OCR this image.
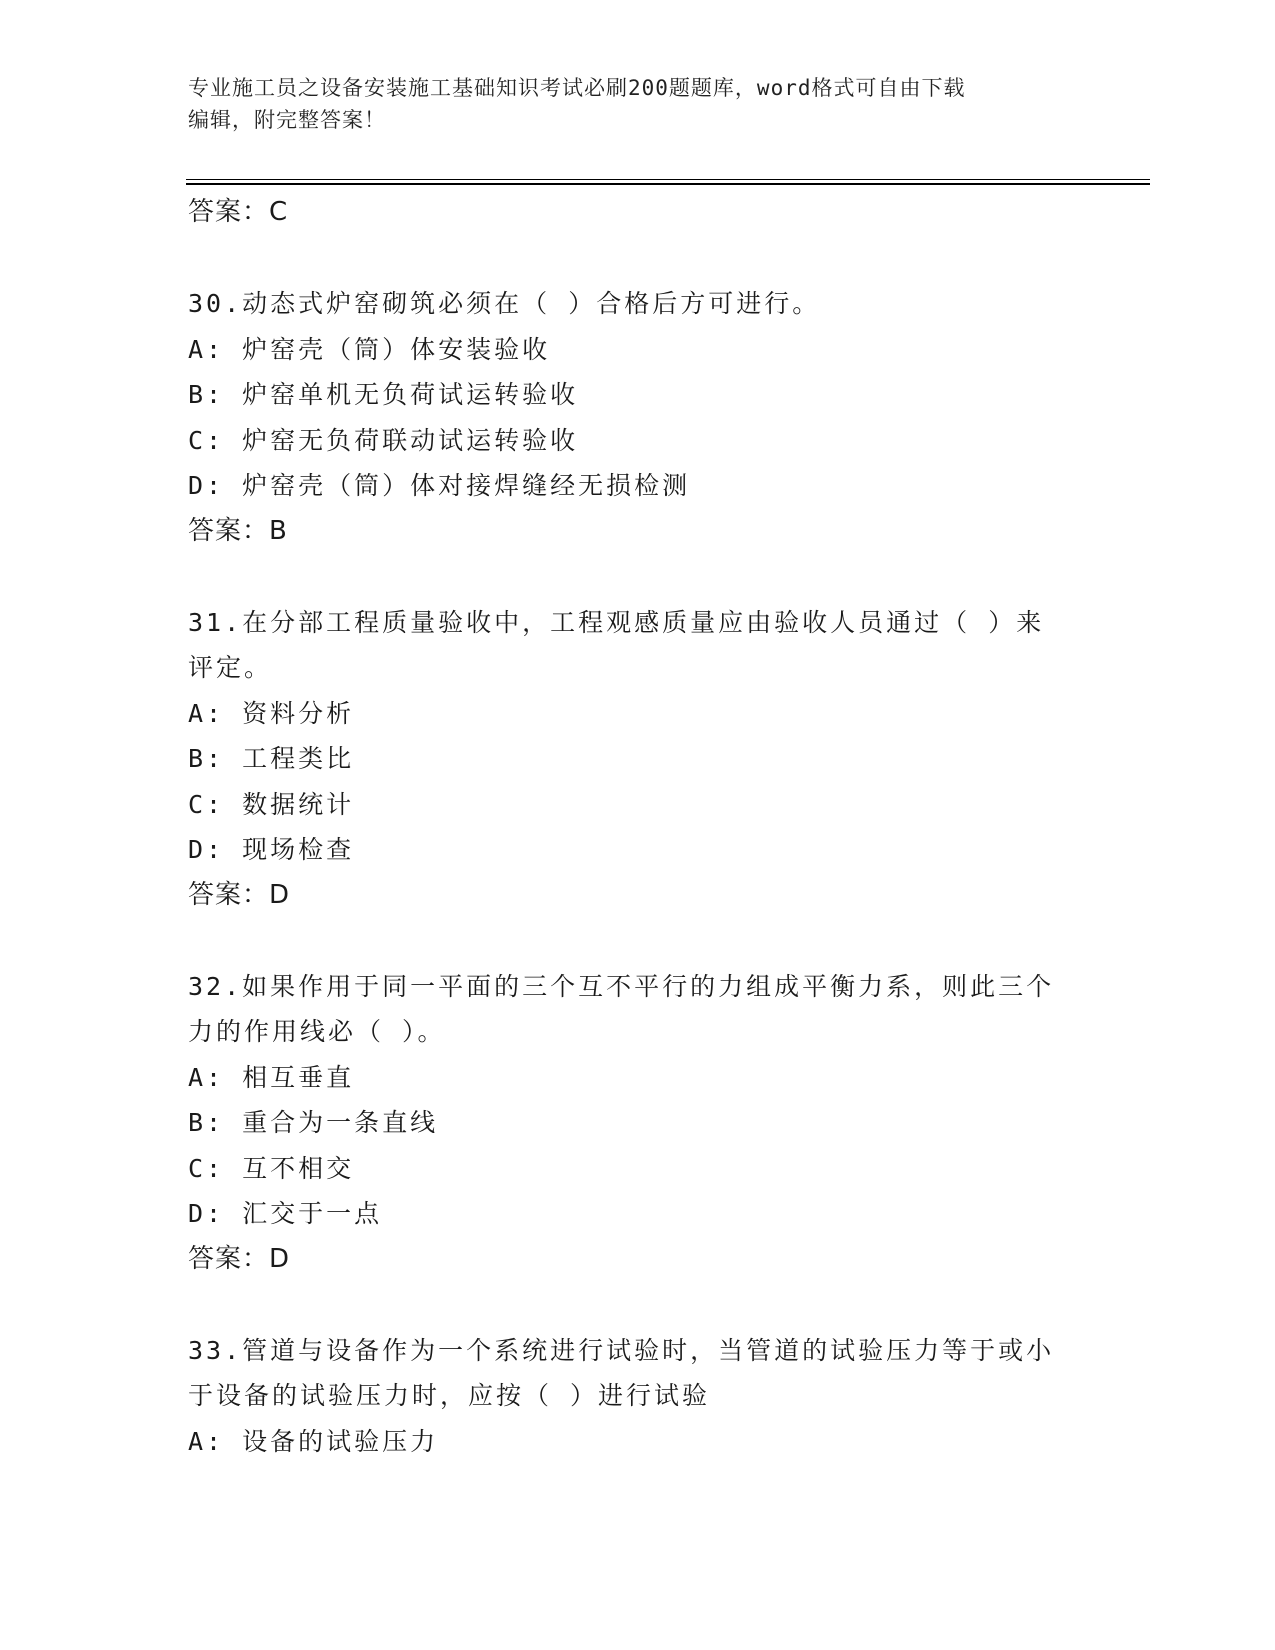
专业施工员之设备安装施工基础知识考试必刷200题题库，word格式可自由下载
编辑，附完整答案！
答案：C
30.动态式炉窑砌筑必须在（ ）合格后方可进行。
A: 炉窑壳（筒）体安装验收
B: 炉窑单机无负荷试运转验收
C: 炉窑无负荷联动试运转验收
D: 炉窑壳（筒）体对接焊缝经无损检测
答案：B
31.在分部工程质量验收中，工程观感质量应由验收人员通过（ ）来
评定。
A: 资料分析
B: 工程类比
C: 数据统计
D: 现场检查
答案：D
32.如果作用于同一平面的三个互不平行的力组成平衡力系，则此三个
力的作用线必（ ）。
A: 相互垂直
B: 重合为一条直线
C: 互不相交
D: 汇交于一点
答案：D
33.管道与设备作为一个系统进行试验时，当管道的试验压力等于或小
于设备的试验压力时，应按（ ）进行试验
A: 设备的试验压力
